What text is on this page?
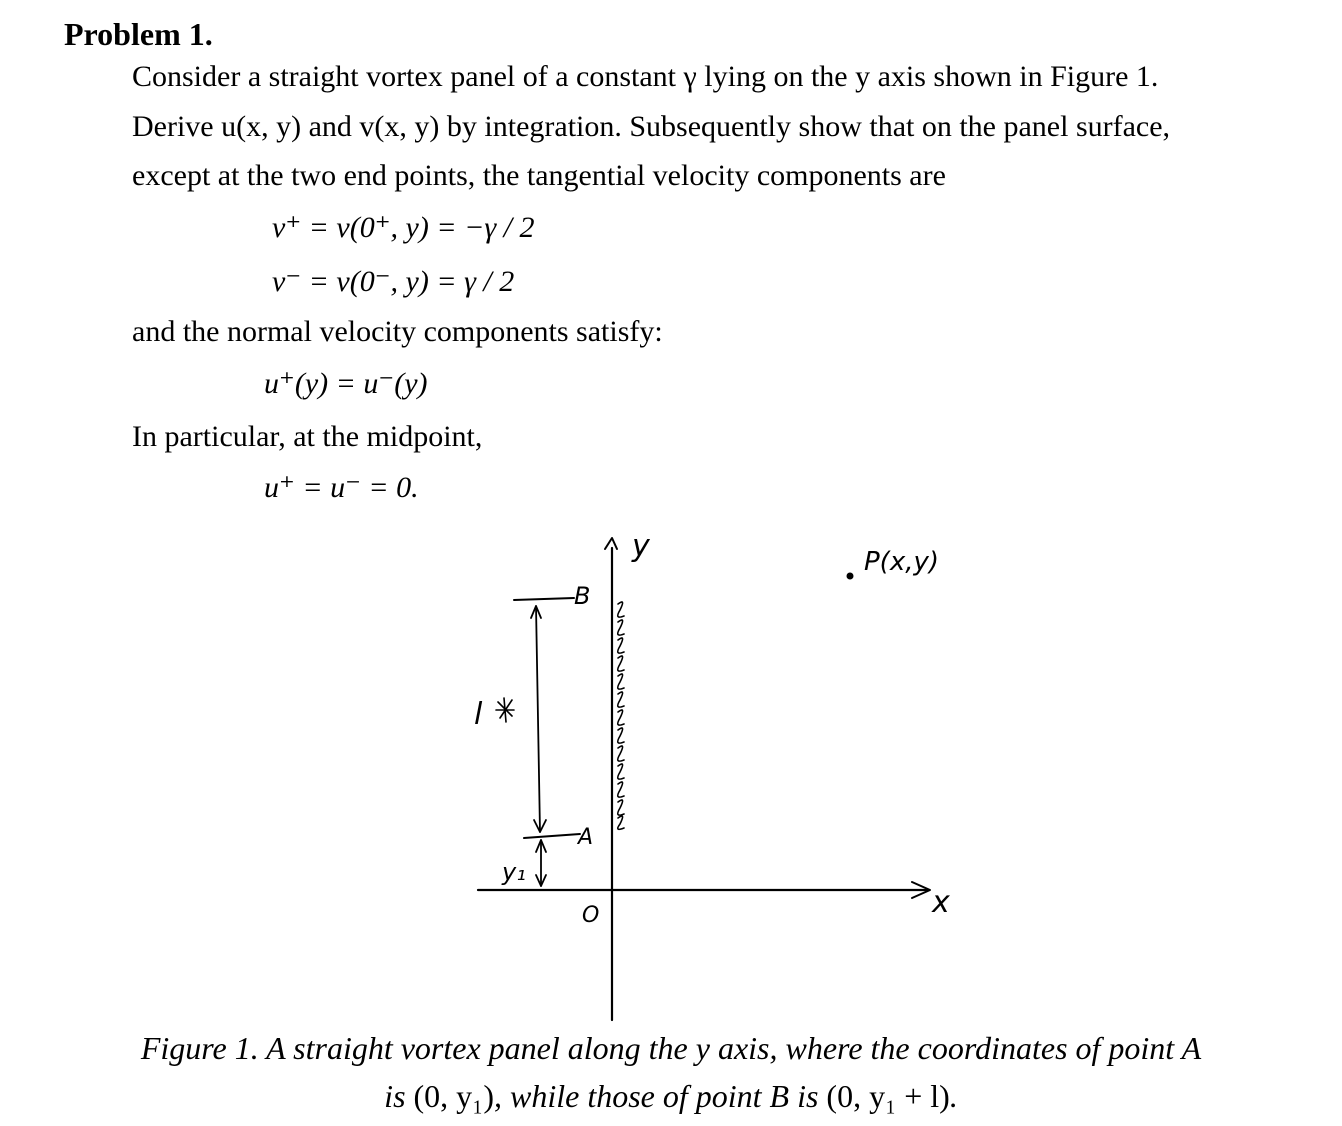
Problem 1.
Consider a straight vortex panel of a constant γ lying on the y axis shown in Figure 1.
Derive u(x, y) and v(x, y) by integration. Subsequently show that on the panel surface,
except at the two end points, the tangential velocity components are
v⁺ = v(0⁺, y) = −γ / 2
v⁻ = v(0⁻, y) = γ / 2
and the normal velocity components satisfy:
u⁺(y) = u⁻(y)
In particular, at the midpoint,
u⁺ = u⁻ = 0.
y
x
O
P(x,y)
B
A
l
y₁
Figure 1. A straight vortex panel along the y axis, where the coordinates of point A
is (0, y₁), while those of point B is (0, y₁ + l).
